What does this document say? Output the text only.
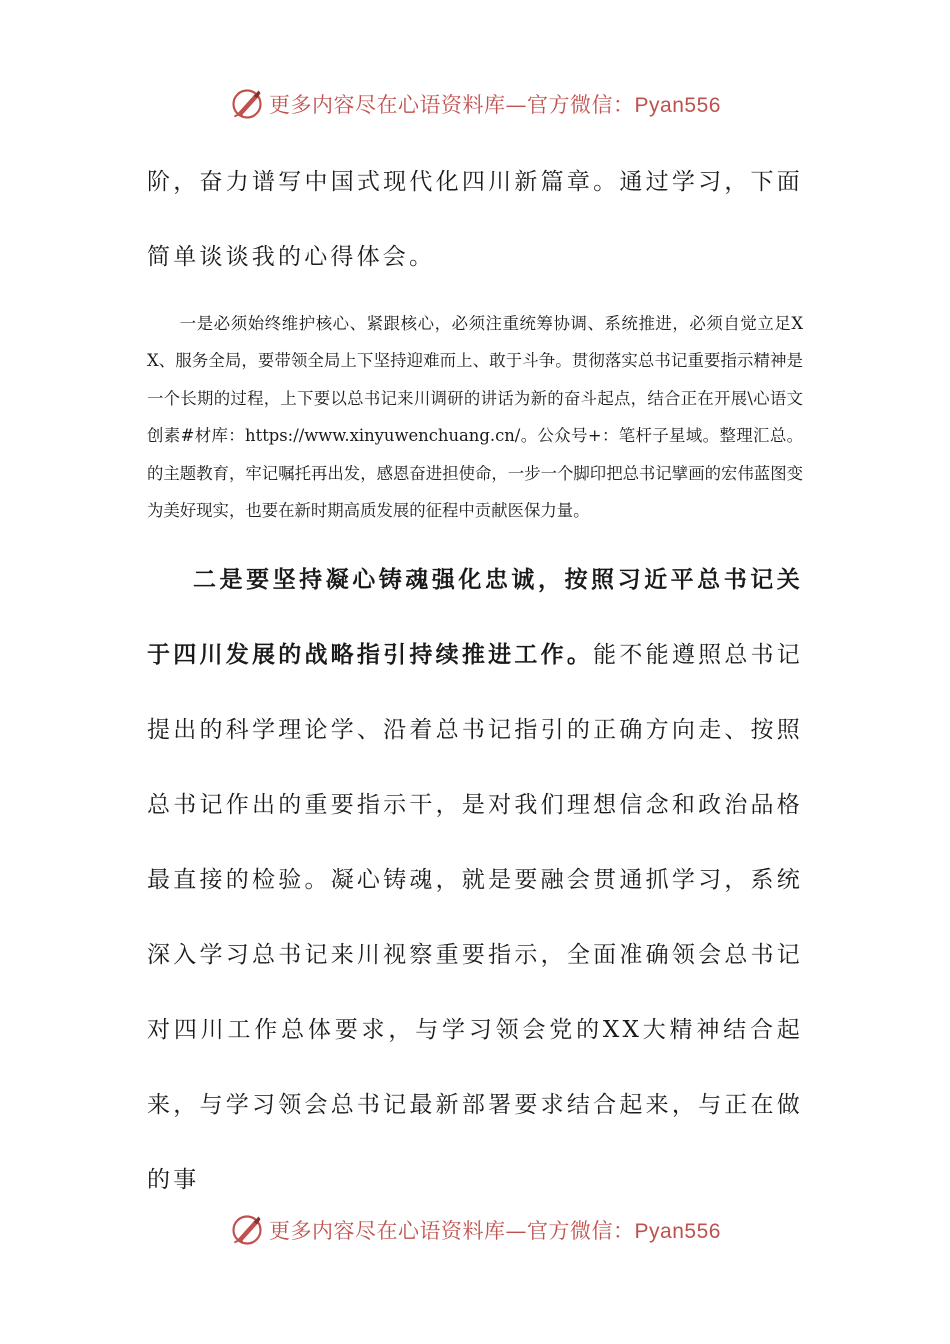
更多内容尽在心语资料库—官方微信：Pyan556

阶，奋力谱写中国式现代化四川新篇章。通过学习，下面简单谈谈我的心得体会。

一是必须始终维护核心、紧跟核心，必须注重统筹协调、系统推进，必须自觉立足XX、服务全局，要带领全局上下坚持迎难而上、敢于斗争。贯彻落实总书记重要指示精神是一个长期的过程，上下要以总书记来川调研的讲话为新的奋斗起点，结合正在开展\心语文创素#材库：https://www.xinyuwenchuang.cn/。公众号+：笔杆子星域。整理汇总。的主题教育，牢记嘱托再出发，感恩奋进担使命，一步一个脚印把总书记擘画的宏伟蓝图变为美好现实，也要在新时期高质发展的征程中贡献医保力量。

二是要坚持凝心铸魂强化忠诚，按照习近平总书记关于四川发展的战略指引持续推进工作。能不能遵照总书记提出的科学理论学、沿着总书记指引的正确方向走、按照总书记作出的重要指示干，是对我们理想信念和政治品格最直接的检验。凝心铸魂，就是要融会贯通抓学习，系统深入学习总书记来川视察重要指示，全面准确领会总书记对四川工作总体要求，与学习领会党的XX大精神结合起来，与学习领会总书记最新部署要求结合起来，与正在做的事

更多内容尽在心语资料库—官方微信：Pyan556
